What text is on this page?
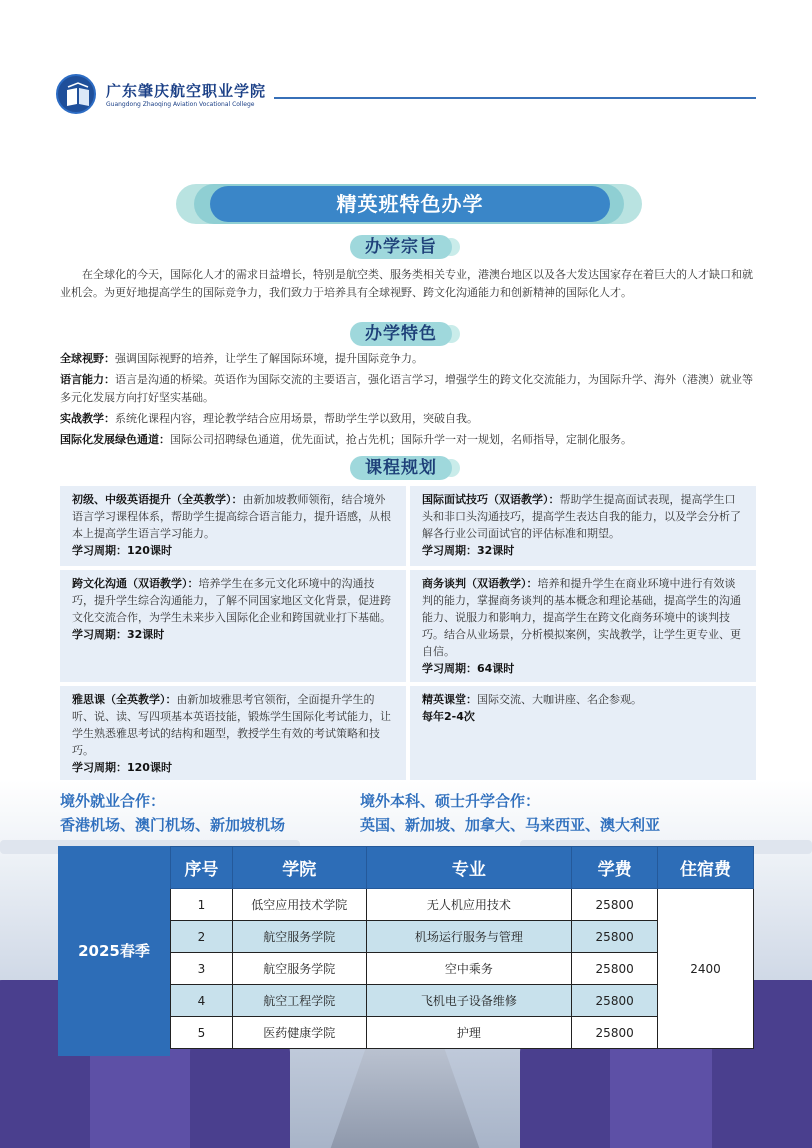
广东肇庆航空职业学院
Guangdong Zhaoqing Aviation Vocational College
精英班特色办学
办学宗旨
在全球化的今天，国际化人才的需求日益增长，特别是航空类、服务类相关专业，港澳台地区以及各大发达国家存在着巨大的人才缺口和就业机会。为更好地提高学生的国际竞争力，我们致力于培养具有全球视野、跨文化沟通能力和创新精神的国际化人才。
办学特色
全球视野：强调国际视野的培养，让学生了解国际环境，提升国际竞争力。
语言能力：语言是沟通的桥梁。英语作为国际交流的主要语言，强化语言学习，增强学生的跨文化交流能力，为国际升学、海外（港澳）就业等多元化发展方向打好坚实基础。
实战教学：系统化课程内容，理论教学结合应用场景，帮助学生学以致用，突破自我。
国际化发展绿色通道：国际公司招聘绿色通道，优先面试，抢占先机；国际升学一对一规划，名师指导，定制化服务。
课程规划
初级、中级英语提升（全英教学）：由新加坡教师领衔，结合境外语言学习课程体系，帮助学生提高综合语言能力，提升语感，从根本上提高学生语言学习能力。
学习周期：120课时
国际面试技巧（双语教学）：帮助学生提高面试表现，提高学生口头和非口头沟通技巧，提高学生表达自我的能力，以及学会分析了解各行业公司面试官的评估标准和期望。
学习周期：32课时
跨文化沟通（双语教学）：培养学生在多元文化环境中的沟通技巧，提升学生综合沟通能力，了解不同国家地区文化背景，促进跨文化交流合作，为学生未来步入国际化企业和跨国就业打下基础。
学习周期：32课时
商务谈判（双语教学）：培养和提升学生在商业环境中进行有效谈判的能力，掌握商务谈判的基本概念和理论基础，提高学生的沟通能力、说服力和影响力，提高学生在跨文化商务环境中的谈判技巧。结合从业场景，分析模拟案例，实战教学，让学生更专业、更自信。
学习周期：64课时
雅思课（全英教学）：由新加坡雅思考官领衔，全面提升学生的听、说、读、写四项基本英语技能，锻炼学生国际化考试能力，让学生熟悉雅思考试的结构和题型，教授学生有效的考试策略和技巧。
学习周期：120课时
精英课堂：国际交流、大咖讲座、名企参观。
每年2-4次
境外就业合作：
香港机场、澳门机场、新加坡机场
境外本科、硕士升学合作：
英国、新加坡、加拿大、马来西亚、澳大利亚
2025春季
序号	学院	专业	学费	住宿费
1	低空应用技术学院	无人机应用技术	25800	2400
2	航空服务学院	机场运行服务与管理	25800	
3	航空服务学院	空中乘务	25800	
4	航空工程学院	飞机电子设备维修	25800	
5	医药健康学院	护理	25800	
